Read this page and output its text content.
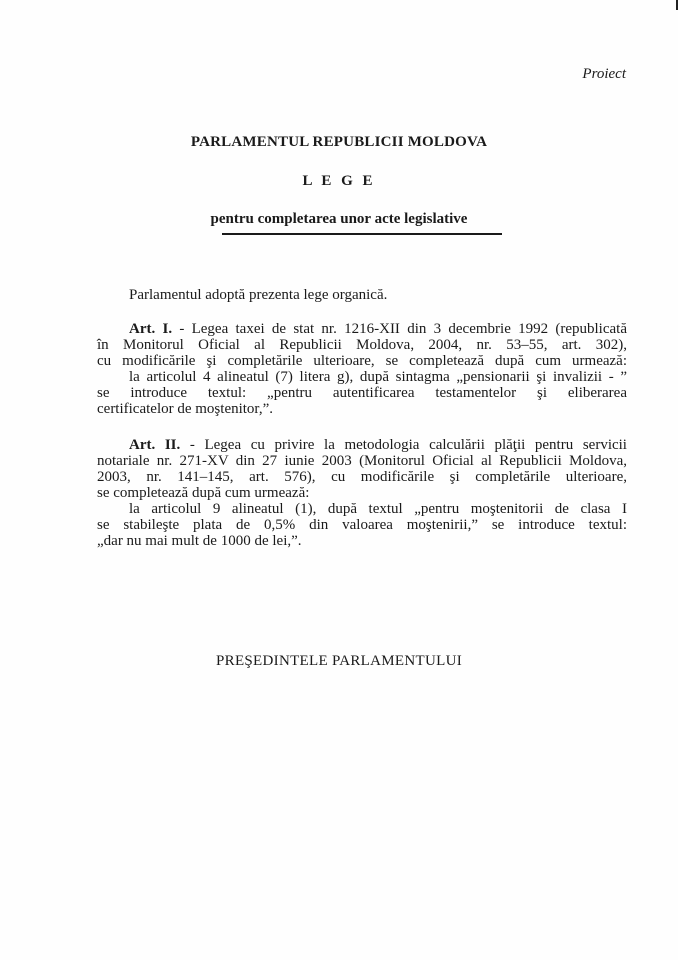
Proiect
PARLAMENTUL REPUBLICII MOLDOVA
L E G E
pentru completarea unor acte legislative
Parlamentul adoptă prezenta lege organică.
Art. I. - Legea taxei de stat nr. 1216-XII din 3 decembrie 1992 (republicată
în Monitorul Oficial al Republicii Moldova, 2004, nr. 53–55, art. 302),
cu modificările şi completările ulterioare, se completează după cum urmează:
la articolul 4 alineatul (7) litera g), după sintagma „pensionarii şi invalizii - ”
se introduce textul: „pentru autentificarea testamentelor şi eliberarea
certificatelor de moştenitor,”.
Art. II. - Legea cu privire la metodologia calculării plăţii pentru servicii
notariale nr. 271-XV din 27 iunie 2003 (Monitorul Oficial al Republicii Moldova,
2003, nr. 141–145, art. 576), cu modificările şi completările ulterioare,
se completează după cum urmează:
la articolul 9 alineatul (1), după textul „pentru moştenitorii de clasa I
se stabileşte plata de 0,5% din valoarea moştenirii,” se introduce textul:
„dar nu mai mult de 1000 de lei,”.
PREŞEDINTELE PARLAMENTULUI
